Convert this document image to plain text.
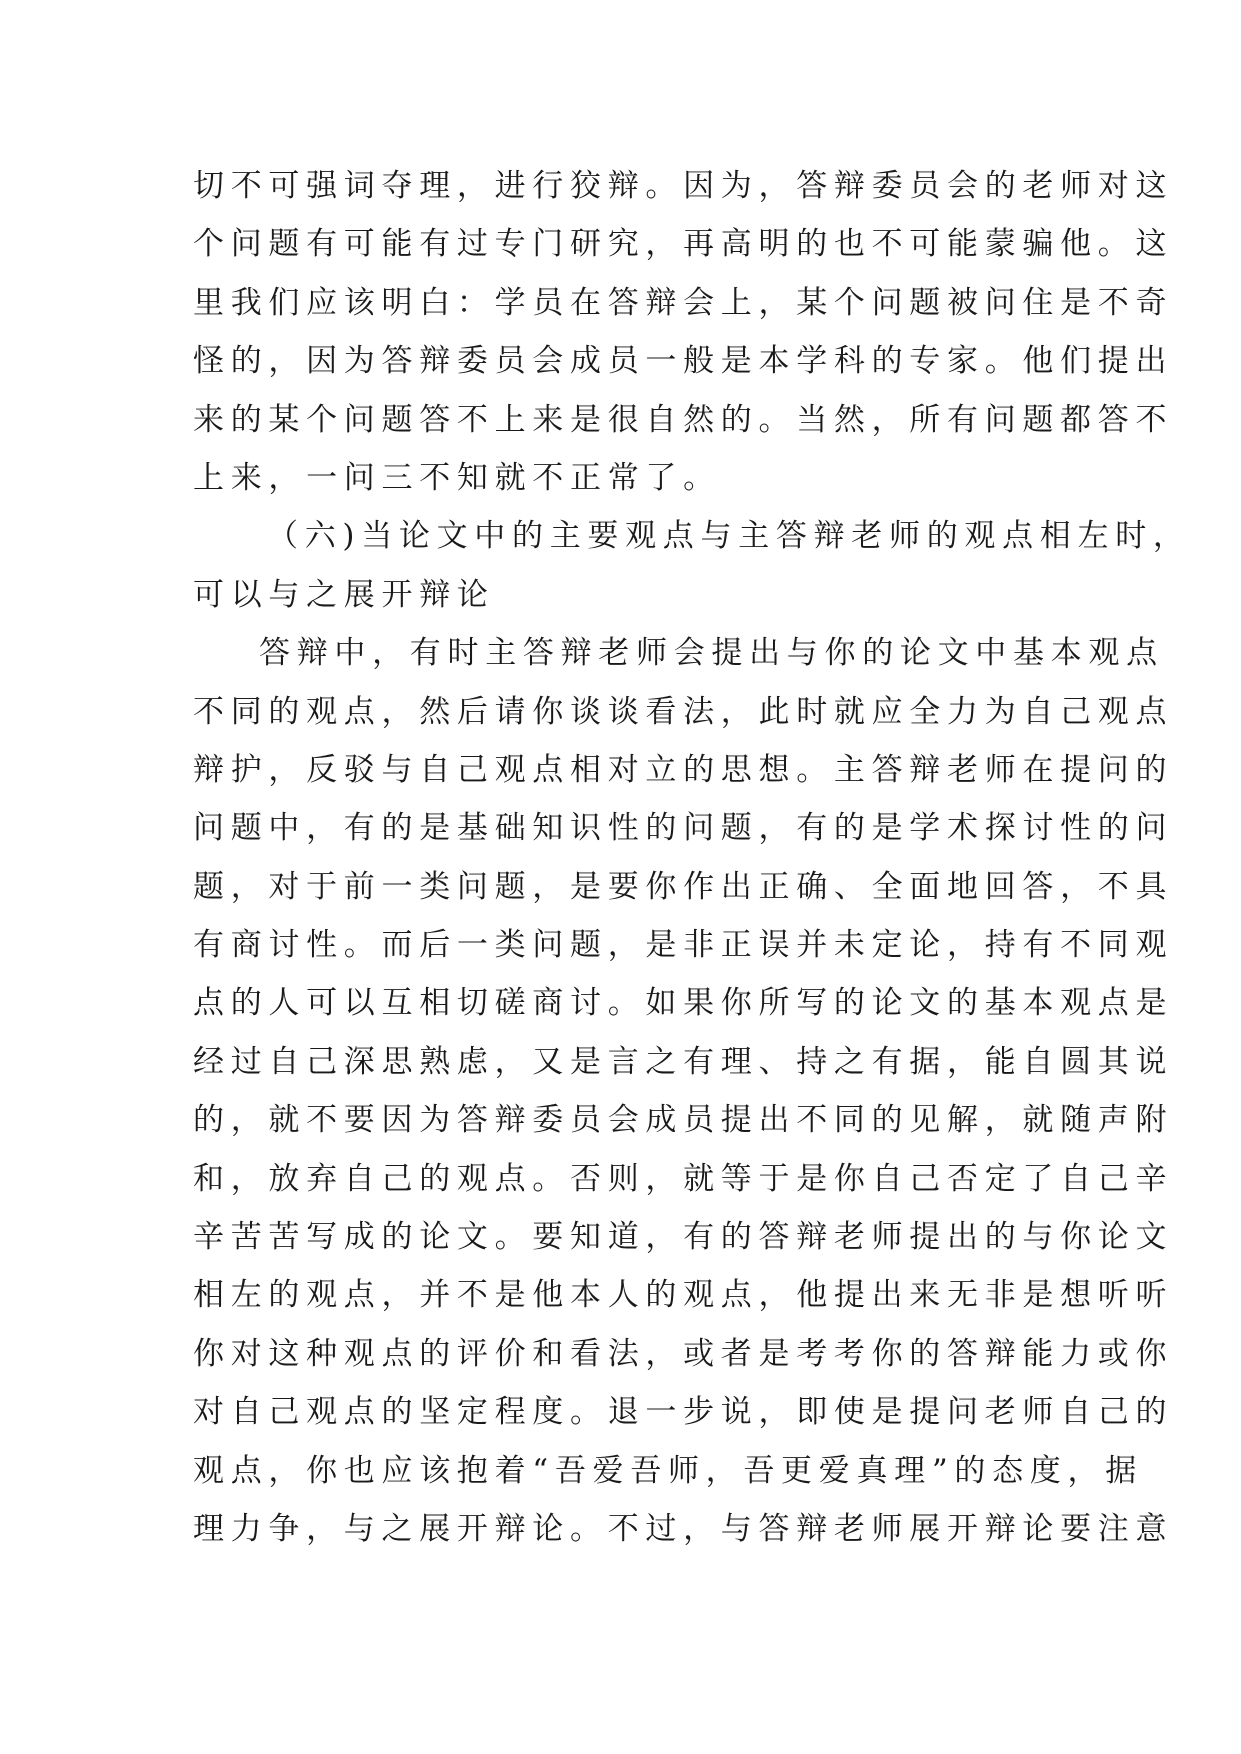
切不可强词夺理，进行狡辩。因为，答辩委员会的老师对这
个问题有可能有过专门研究，再高明的也不可能蒙骗他。这
里我们应该明白：学员在答辩会上，某个问题被问住是不奇
怪的，因为答辩委员会成员一般是本学科的专家。他们提出
来的某个问题答不上来是很自然的。当然，所有问题都答不
上来，一问三不知就不正常了。
（六)当论文中的主要观点与主答辩老师的观点相左时，
可以与之展开辩论
答辩中，有时主答辩老师会提出与你的论文中基本观点
不同的观点，然后请你谈谈看法，此时就应全力为自己观点
辩护，反驳与自己观点相对立的思想。主答辩老师在提问的
问题中，有的是基础知识性的问题，有的是学术探讨性的问
题，对于前一类问题，是要你作出正确、全面地回答，不具
有商讨性。而后一类问题，是非正误并未定论，持有不同观
点的人可以互相切磋商讨。如果你所写的论文的基本观点是
经过自己深思熟虑，又是言之有理、持之有据，能自圆其说
的，就不要因为答辩委员会成员提出不同的见解，就随声附
和，放弃自己的观点。否则，就等于是你自己否定了自己辛
辛苦苦写成的论文。要知道，有的答辩老师提出的与你论文
相左的观点，并不是他本人的观点，他提出来无非是想听听
你对这种观点的评价和看法，或者是考考你的答辩能力或你
对自己观点的坚定程度。退一步说，即使是提问老师自己的
观点，你也应该抱着“吾爱吾师，吾更爱真理”的态度，据
理力争，与之展开辩论。不过，与答辩老师展开辩论要注意
